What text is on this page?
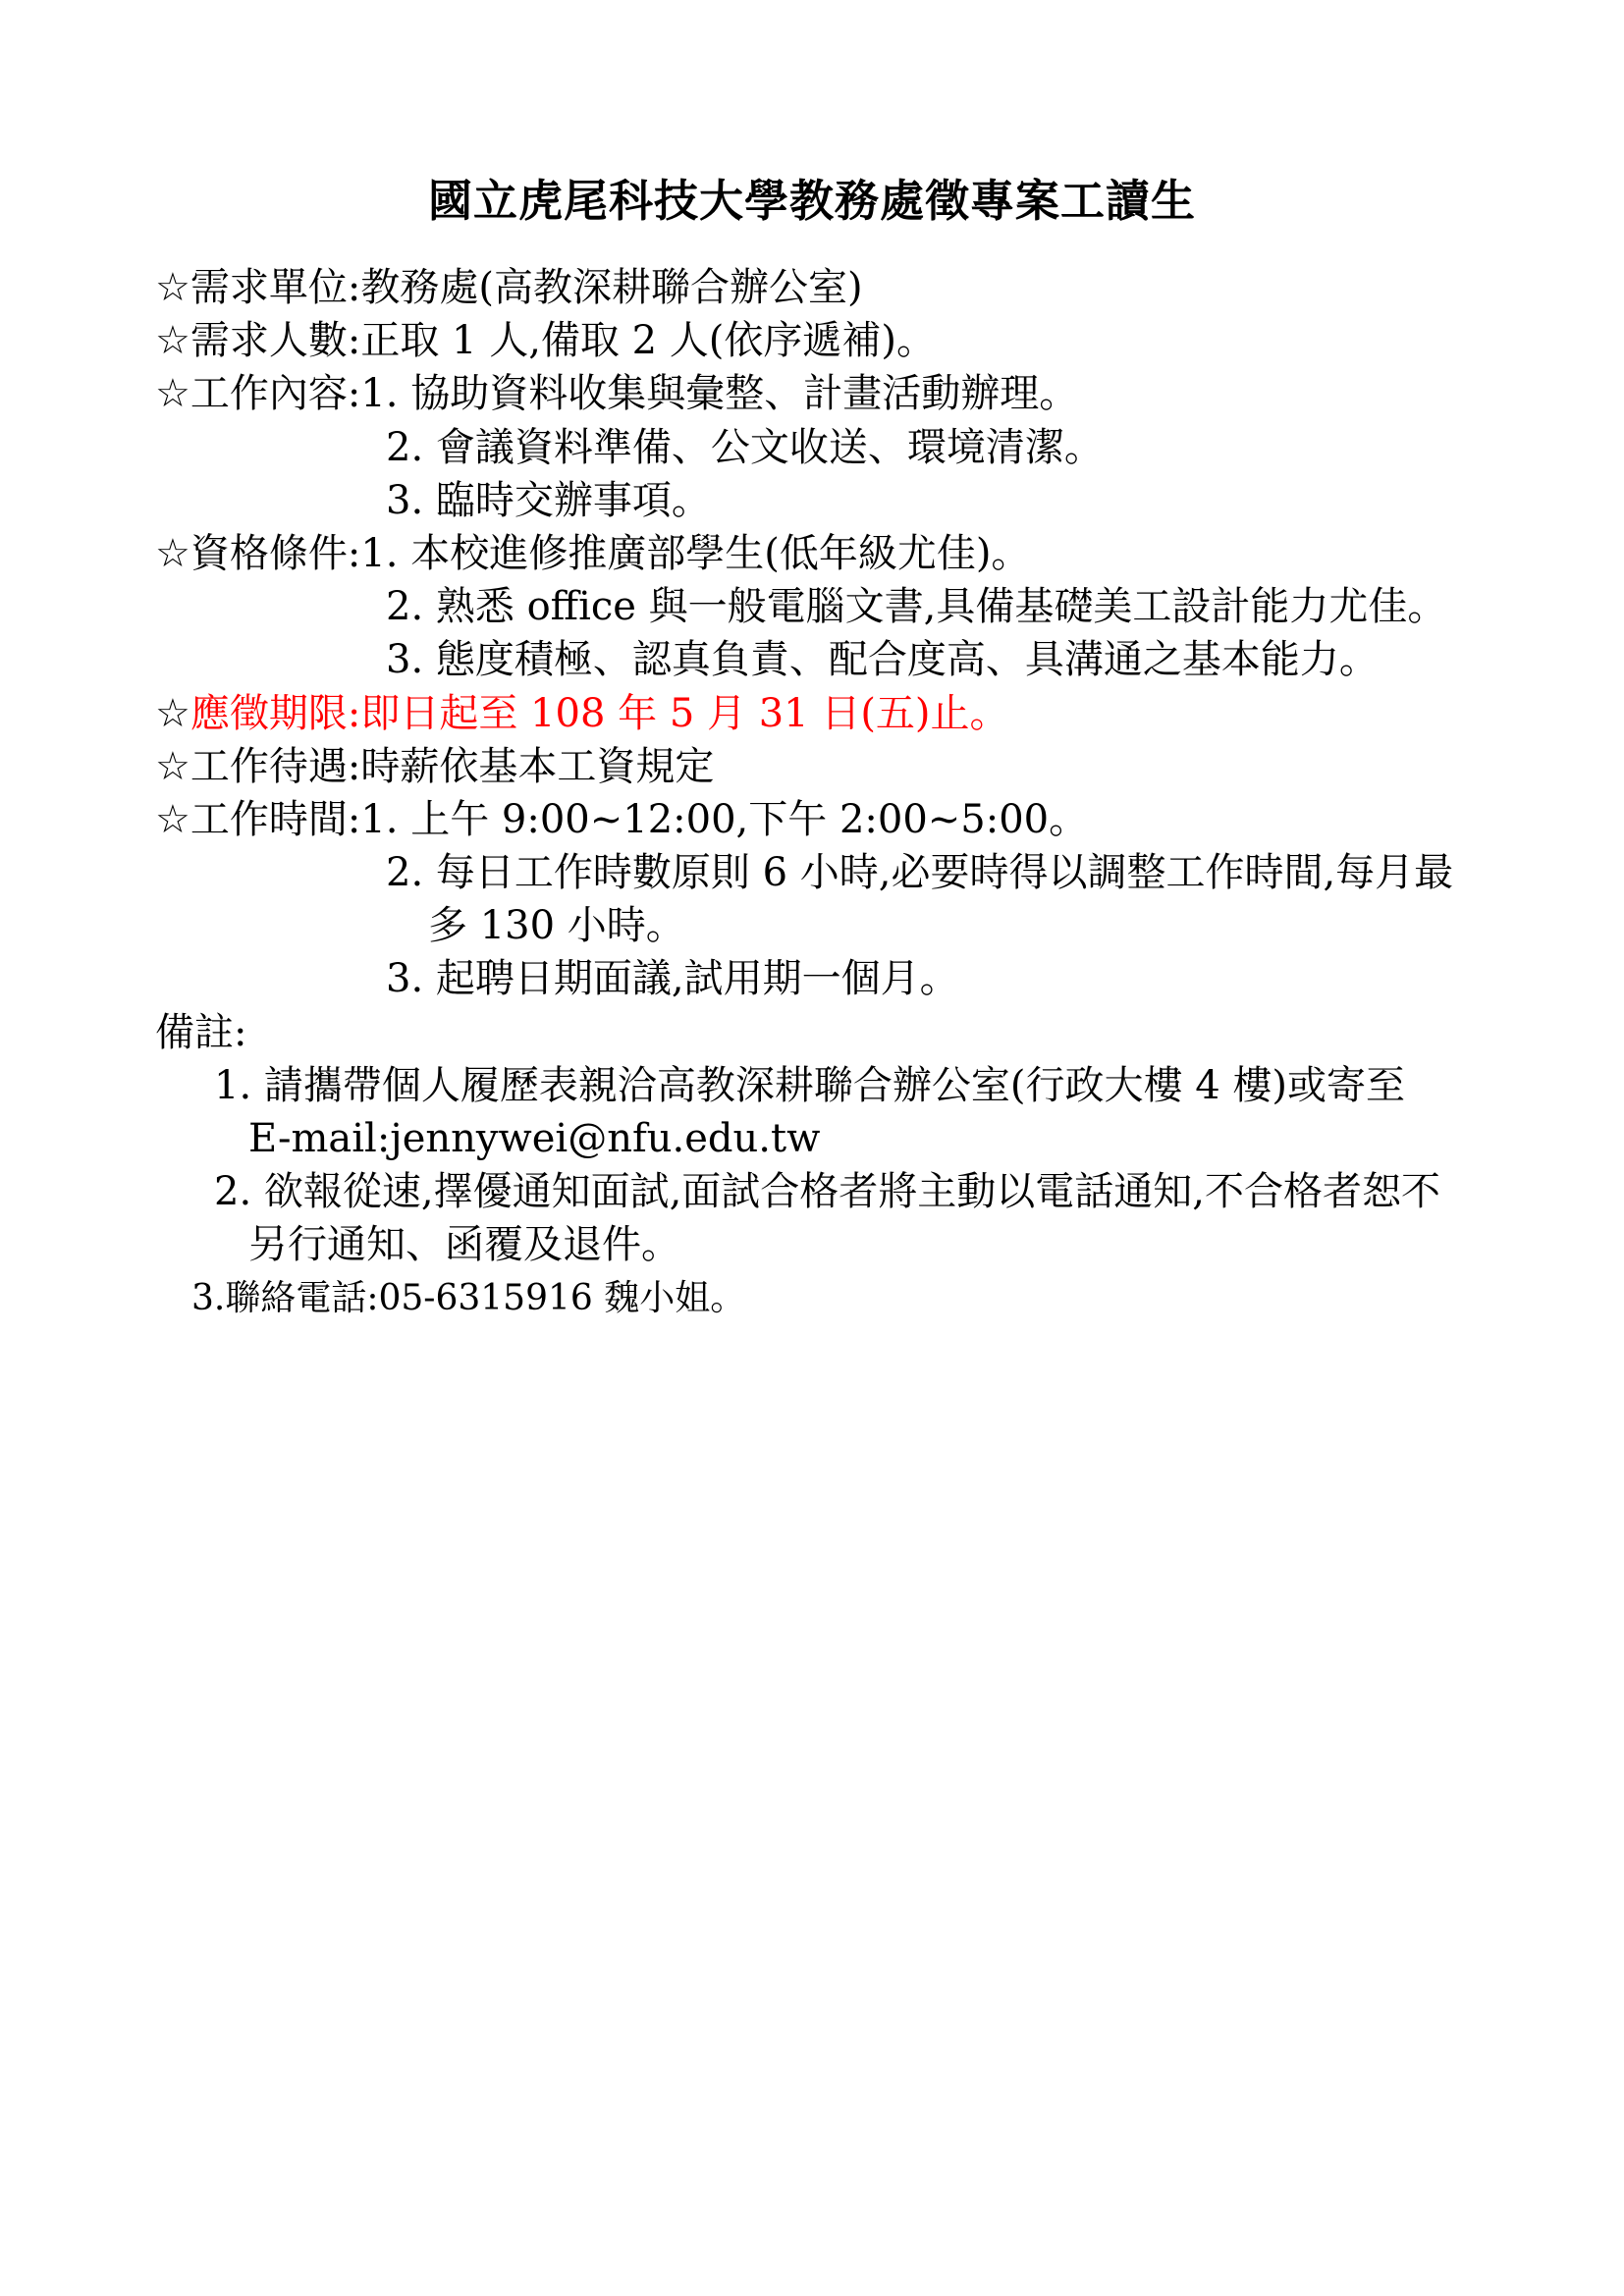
國立虎尾科技大學教務處徵專案工讀生
☆需求單位:教務處(高教深耕聯合辦公室)
☆需求人數:正取 1 人,備取 2 人(依序遞補)。
☆工作內容:1. 協助資料收集與彙整、計畫活動辦理。
2. 會議資料準備、公文收送、環境清潔。
3. 臨時交辦事項。
☆資格條件:1. 本校進修推廣部學生(低年級尤佳)。
2. 熟悉 office 與一般電腦文書,具備基礎美工設計能力尤佳。
3. 態度積極、認真負責、配合度高、具溝通之基本能力。
☆應徵期限:即日起至 108 年 5 月 31 日(五)止。
☆工作待遇:時薪依基本工資規定
☆工作時間:1. 上午 9:00~12:00,下午 2:00~5:00。
2. 每日工作時數原則 6 小時,必要時得以調整工作時間,每月最
多 130 小時。
3. 起聘日期面議,試用期一個月。
備註:
1. 請攜帶個人履歷表親洽高教深耕聯合辦公室(行政大樓 4 樓)或寄至
E-mail:jennywei@nfu.edu.tw
2. 欲報從速,擇優通知面試,面試合格者將主動以電話通知,不合格者恕不
另行通知、函覆及退件。
3.聯絡電話:05-6315916 魏小姐。
